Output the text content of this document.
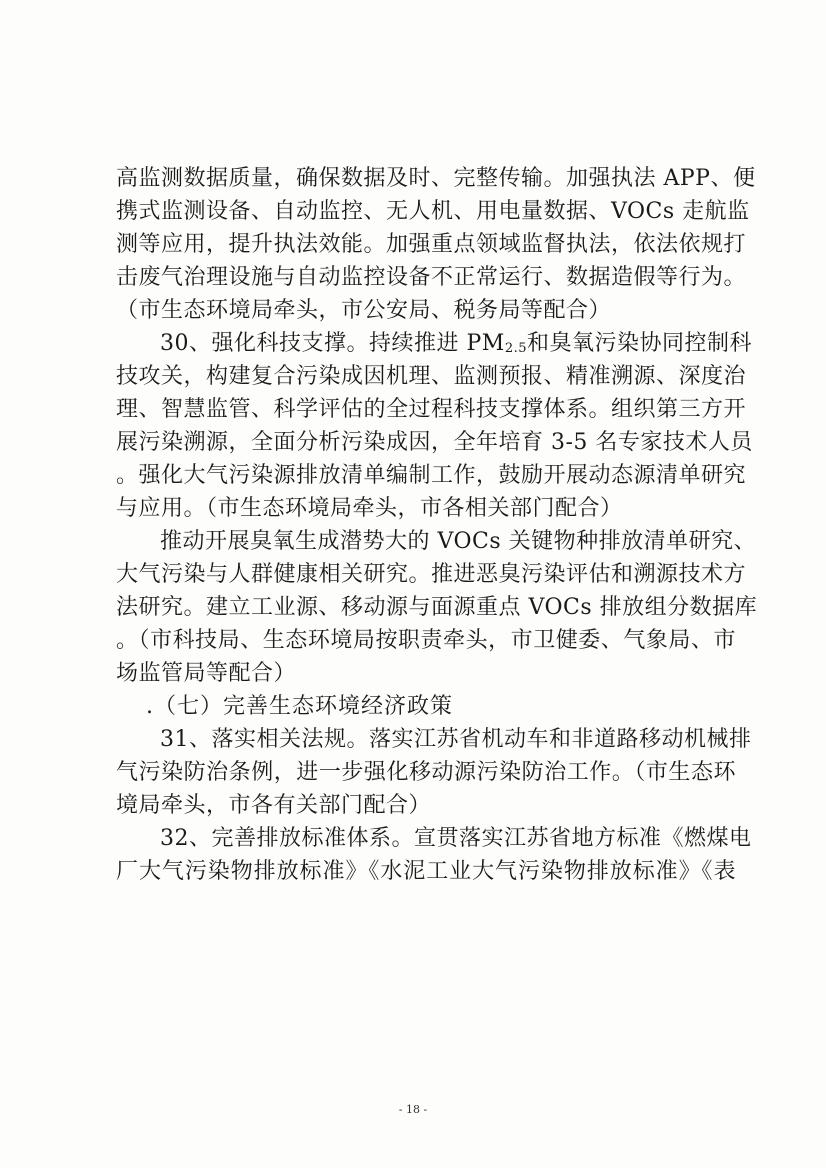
高监测数据质量，确保数据及时、完整传输。加强执法 APP、便
携式监测设备、自动监控、无人机、用电量数据、VOCs 走航监
测等应用，提升执法效能。加强重点领域监督执法，依法依规打
击废气治理设施与自动监控设备不正常运行、数据造假等行为。
（市生态环境局牵头，市公安局、税务局等配合）
30、强化科技支撑。持续推进 $PM_{2.5}$和臭氧污染协同控制科
技攻关，构建复合污染成因机理、监测预报、精准溯源、深度治
理、智慧监管、科学评估的全过程科技支撑体系。组织第三方开
展污染溯源，全面分析污染成因，全年培育 3-5 名专家技术人员
。强化大气污染源排放清单编制工作，鼓励开展动态源清单研究
与应用。（市生态环境局牵头，市各相关部门配合）
推动开展臭氧生成潜势大的 VOCs 关键物种排放清单研究、
大气污染与人群健康相关研究。推进恶臭污染评估和溯源技术方
法研究。建立工业源、移动源与面源重点 VOCs 排放组分数据库
。（市科技局、生态环境局按职责牵头，市卫健委、气象局、市
场监管局等配合）
.（七）完善生态环境经济政策
31、落实相关法规。落实江苏省机动车和非道路移动机械排
气污染防治条例，进一步强化移动源污染防治工作。（市生态环
境局牵头，市各有关部门配合）
32、完善排放标准体系。宣贯落实江苏省地方标准《燃煤电
厂大气污染物排放标准》《水泥工业大气污染物排放标准》《表
- 18 -
